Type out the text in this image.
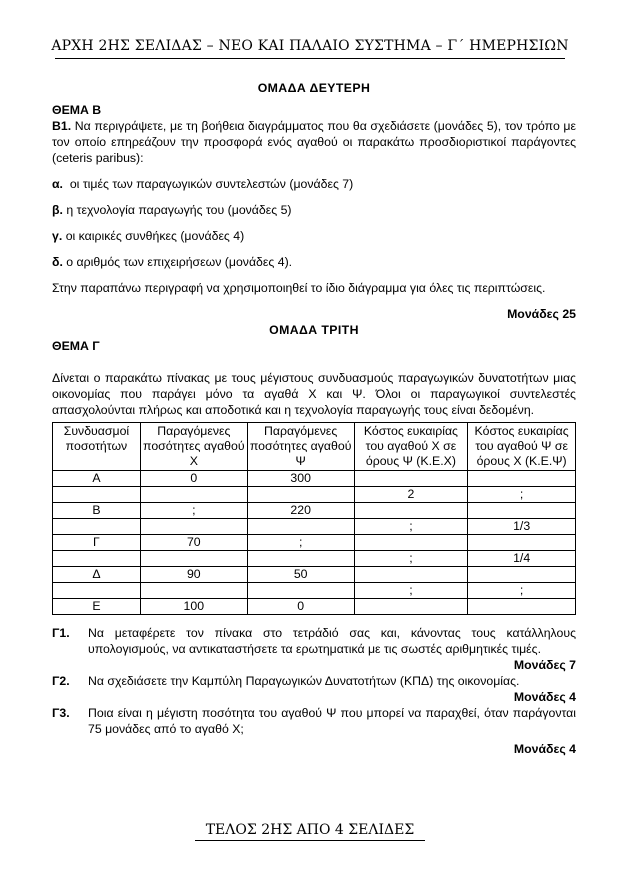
ΑΡΧΗ 2ΗΣ ΣΕΛΙΔΑΣ – ΝΕΟ ΚΑΙ ΠΑΛΑΙΟ ΣΥΣΤΗΜΑ – Γ΄ ΗΜΕΡΗΣΙΩΝ
ΟΜΑΔΑ ΔΕΥΤΕΡΗ
ΘΕΜΑ Β
Β1. Να περιγράψετε, με τη βοήθεια διαγράμματος που θα σχεδιάσετε (μονάδες 5), τον τρόπο με τον οποίο επηρεάζουν την προσφορά ενός αγαθού οι παρακάτω προσδιοριστικοί παράγοντες (ceteris paribus):
α. οι τιμές των παραγωγικών συντελεστών (μονάδες 7)
β. η τεχνολογία παραγωγής του (μονάδες 5)
γ. οι καιρικές συνθήκες (μονάδες 4)
δ. ο αριθμός των επιχειρήσεων (μονάδες 4).
Στην παραπάνω περιγραφή να χρησιμοποιηθεί το ίδιο διάγραμμα για όλες τις περιπτώσεις.
Μονάδες 25
ΟΜΑΔΑ ΤΡΙΤΗ
ΘΕΜΑ Γ
Δίνεται ο παρακάτω πίνακας με τους μέγιστους συνδυασμούς παραγωγικών δυνατοτήτων μιας οικονομίας που παράγει μόνο τα αγαθά Χ και Ψ. Όλοι οι παραγωγικοί συντελεστές απασχολούνται πλήρως και αποδοτικά και η τεχνολογία παραγωγής τους είναι δεδομένη.
Συνδυασμοί ποσοτήτων	Παραγόμενες ποσότητες αγαθού Χ	Παραγόμενες ποσότητες αγαθού Ψ	Κόστος ευκαιρίας του αγαθού Χ σε όρους Ψ (Κ.Ε.Χ)	Κόστος ευκαιρίας του αγαθού Ψ σε όρους Χ (Κ.Ε.Ψ)
Α	0	300		
			2	;
Β	;	220		
			;	1/3
Γ	70	;		
			;	1/4
Δ	90	50		
			;	;
Ε	100	0		
Γ1.	Να μεταφέρετε τον πίνακα στο τετράδιό σας και, κάνοντας τους κατάλληλους υπολογισμούς, να αντικαταστήσετε τα ερωτηματικά με τις σωστές αριθμητικές τιμές.
Μονάδες 7
Γ2.	Να σχεδιάσετε την Καμπύλη Παραγωγικών Δυνατοτήτων (ΚΠΔ) της οικονομίας.
Μονάδες 4
Γ3.	Ποια είναι η μέγιστη ποσότητα του αγαθού Ψ που μπορεί να παραχθεί, όταν παράγονται 75 μονάδες από το αγαθό Χ;
Μονάδες 4
ΤΕΛΟΣ 2ΗΣ ΑΠΟ 4 ΣΕΛΙΔΕΣ
